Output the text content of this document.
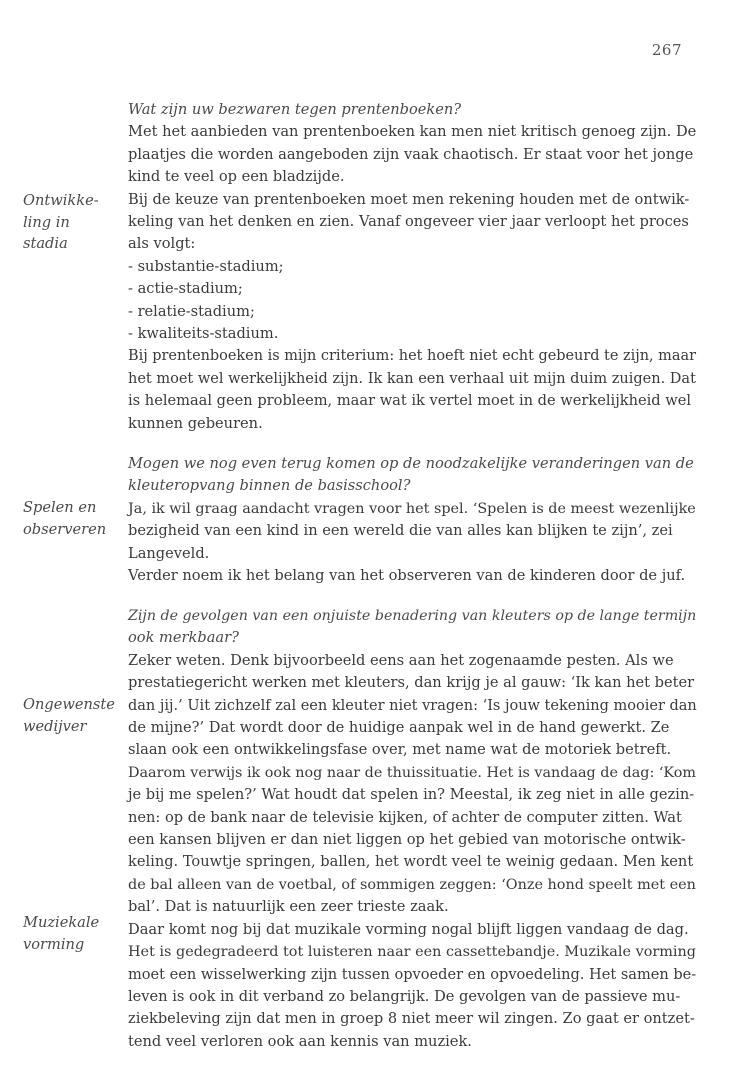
267
Ontwikke-
ling in
stadia
Spelen en
observeren
Ongewenste
wedijver
Muziekale
vorming
Wat zijn uw bezwaren tegen prentenboeken?
Met het aanbieden van prentenboeken kan men niet kritisch genoeg zijn. De
plaatjes die worden aangeboden zijn vaak chaotisch. Er staat voor het jonge
kind te veel op een bladzijde.
Bij de keuze van prentenboeken moet men rekening houden met de ontwik-
keling van het denken en zien. Vanaf ongeveer vier jaar verloopt het proces
als volgt:
- substantie-stadium;
- actie-stadium;
- relatie-stadium;
- kwaliteits-stadium.
Bij prentenboeken is mijn criterium: het hoeft niet echt gebeurd te zijn, maar
het moet wel werkelijkheid zijn. Ik kan een verhaal uit mijn duim zuigen. Dat
is helemaal geen probleem, maar wat ik vertel moet in de werkelijkheid wel
kunnen gebeuren.
Mogen we nog even terug komen op de noodzakelijke veranderingen van de
kleuteropvang binnen de basisschool?
Ja, ik wil graag aandacht vragen voor het spel. ‘Spelen is de meest wezenlijke
bezigheid van een kind in een wereld die van alles kan blijken te zijn’, zei
Langeveld.
Verder noem ik het belang van het observeren van de kinderen door de juf.
Zijn de gevolgen van een onjuiste benadering van kleuters op de lange termijn
ook merkbaar?
Zeker weten. Denk bijvoorbeeld eens aan het zogenaamde pesten. Als we
prestatiegericht werken met kleuters, dan krijg je al gauw: ‘Ik kan het beter
dan jij.’ Uit zichzelf zal een kleuter niet vragen: ‘Is jouw tekening mooier dan
de mijne?’ Dat wordt door de huidige aanpak wel in de hand gewerkt. Ze
slaan ook een ontwikkelingsfase over, met name wat de motoriek betreft.
Daarom verwijs ik ook nog naar de thuissituatie. Het is vandaag de dag: ‘Kom
je bij me spelen?’ Wat houdt dat spelen in? Meestal, ik zeg niet in alle gezin-
nen: op de bank naar de televisie kijken, of achter de computer zitten. Wat
een kansen blijven er dan niet liggen op het gebied van motorische ontwik-
keling. Touwtje springen, ballen, het wordt veel te weinig gedaan. Men kent
de bal alleen van de voetbal, of sommigen zeggen: ‘Onze hond speelt met een
bal’. Dat is natuurlijk een zeer trieste zaak.
Daar komt nog bij dat muzikale vorming nogal blijft liggen vandaag de dag.
Het is gedegradeerd tot luisteren naar een cassettebandje. Muzikale vorming
moet een wisselwerking zijn tussen opvoeder en opvoedeling. Het samen be-
leven is ook in dit verband zo belangrijk. De gevolgen van de passieve mu-
ziekbeleving zijn dat men in groep 8 niet meer wil zingen. Zo gaat er ontzet-
tend veel verloren ook aan kennis van muziek.
